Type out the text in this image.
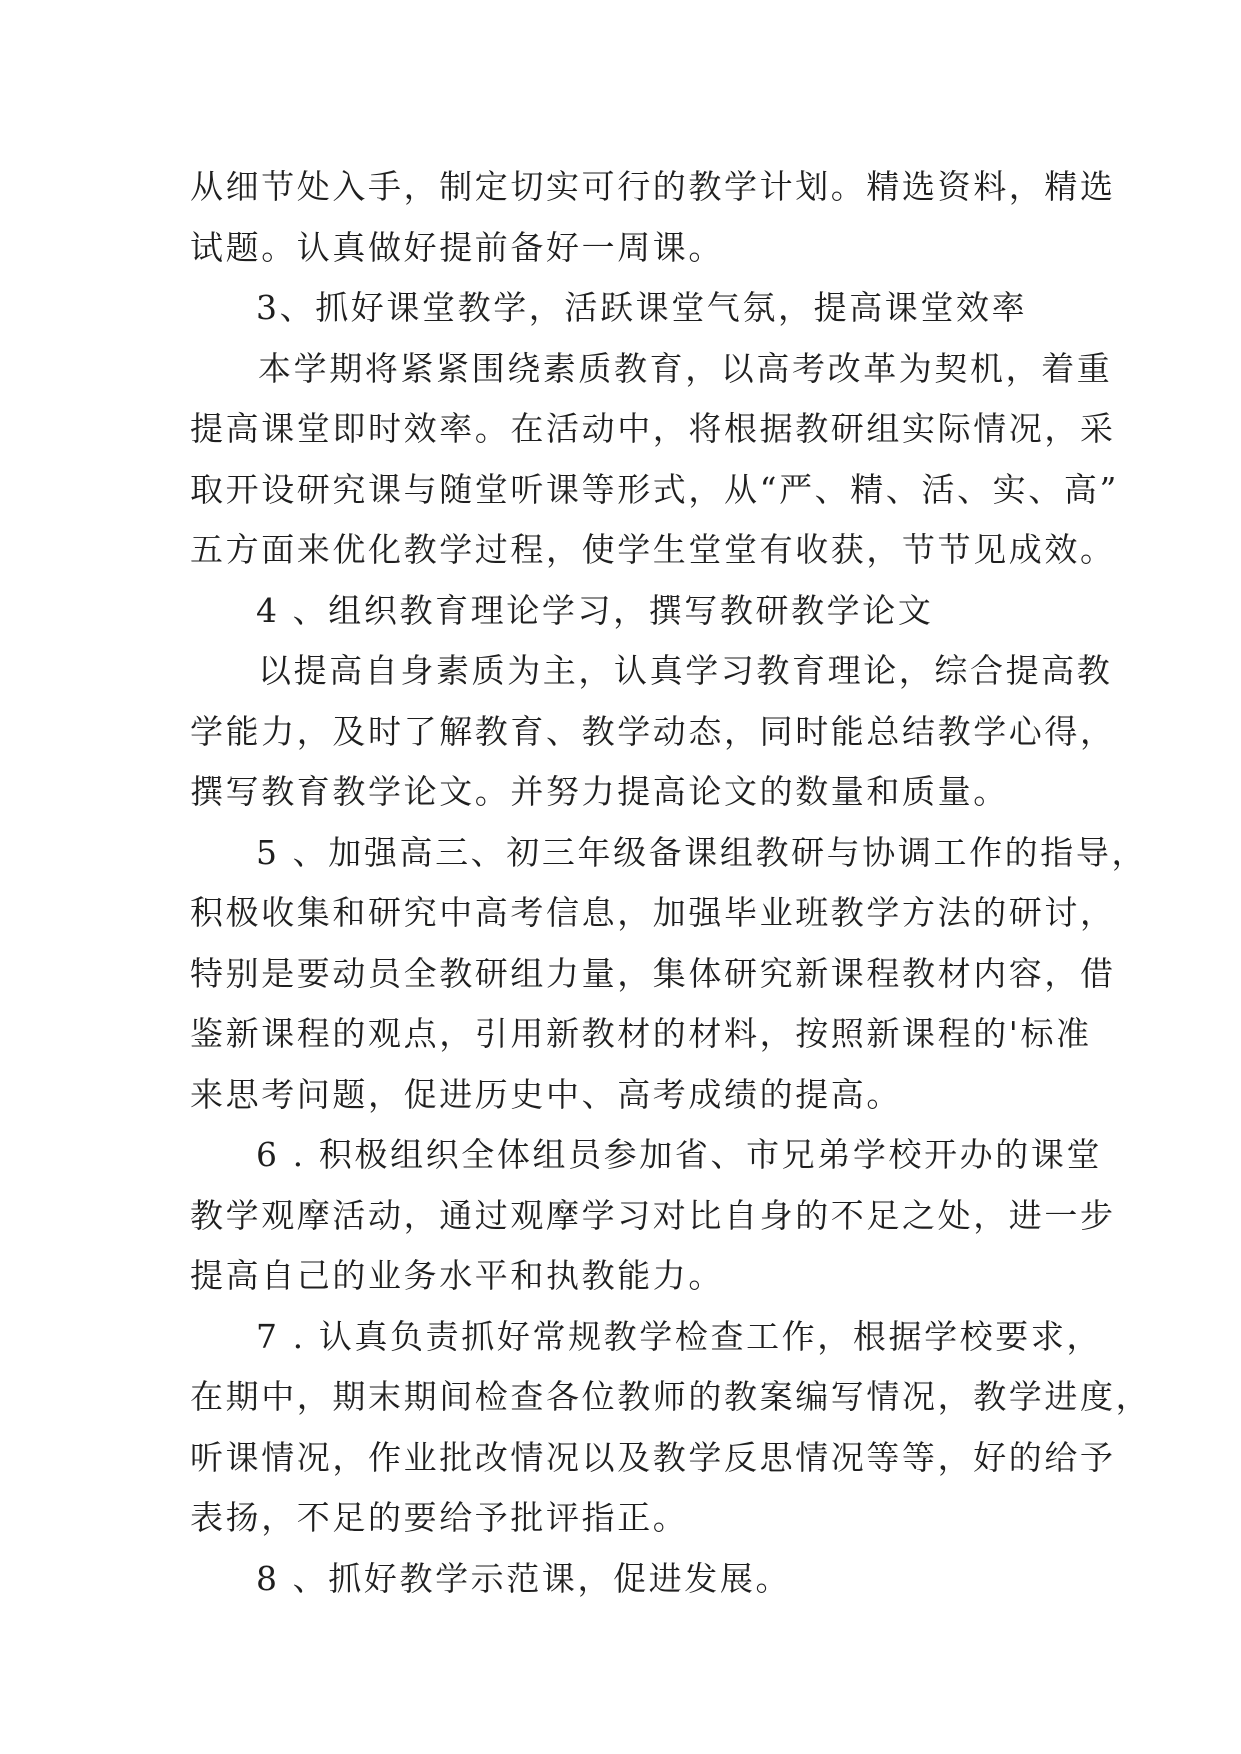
从细节处入手，制定切实可行的教学计划。精选资料，精选
试题。认真做好提前备好一周课。
3、抓好课堂教学，活跃课堂气氛，提高课堂效率
本学期将紧紧围绕素质教育，以高考改革为契机，着重
提高课堂即时效率。在活动中，将根据教研组实际情况，采
取开设研究课与随堂听课等形式，从“严、精、活、实、高”
五方面来优化教学过程，使学生堂堂有收获，节节见成效。
4 、组织教育理论学习，撰写教研教学论文
以提高自身素质为主，认真学习教育理论，综合提高教
学能力，及时了解教育、教学动态，同时能总结教学心得，
撰写教育教学论文。并努力提高论文的数量和质量。
5 、加强高三、初三年级备课组教研与协调工作的指导，
积极收集和研究中高考信息，加强毕业班教学方法的研讨，
特别是要动员全教研组力量，集体研究新课程教材内容，借
鉴新课程的观点，引用新教材的材料，按照新课程的'标准
来思考问题，促进历史中、高考成绩的提高。
6 . 积极组织全体组员参加省、市兄弟学校开办的课堂
教学观摩活动，通过观摩学习对比自身的不足之处，进一步
提高自己的业务水平和执教能力。
7 . 认真负责抓好常规教学检查工作，根据学校要求，
在期中，期末期间检查各位教师的教案编写情况，教学进度，
听课情况，作业批改情况以及教学反思情况等等，好的给予
表扬，不足的要给予批评指正。
8 、抓好教学示范课，促进发展。
